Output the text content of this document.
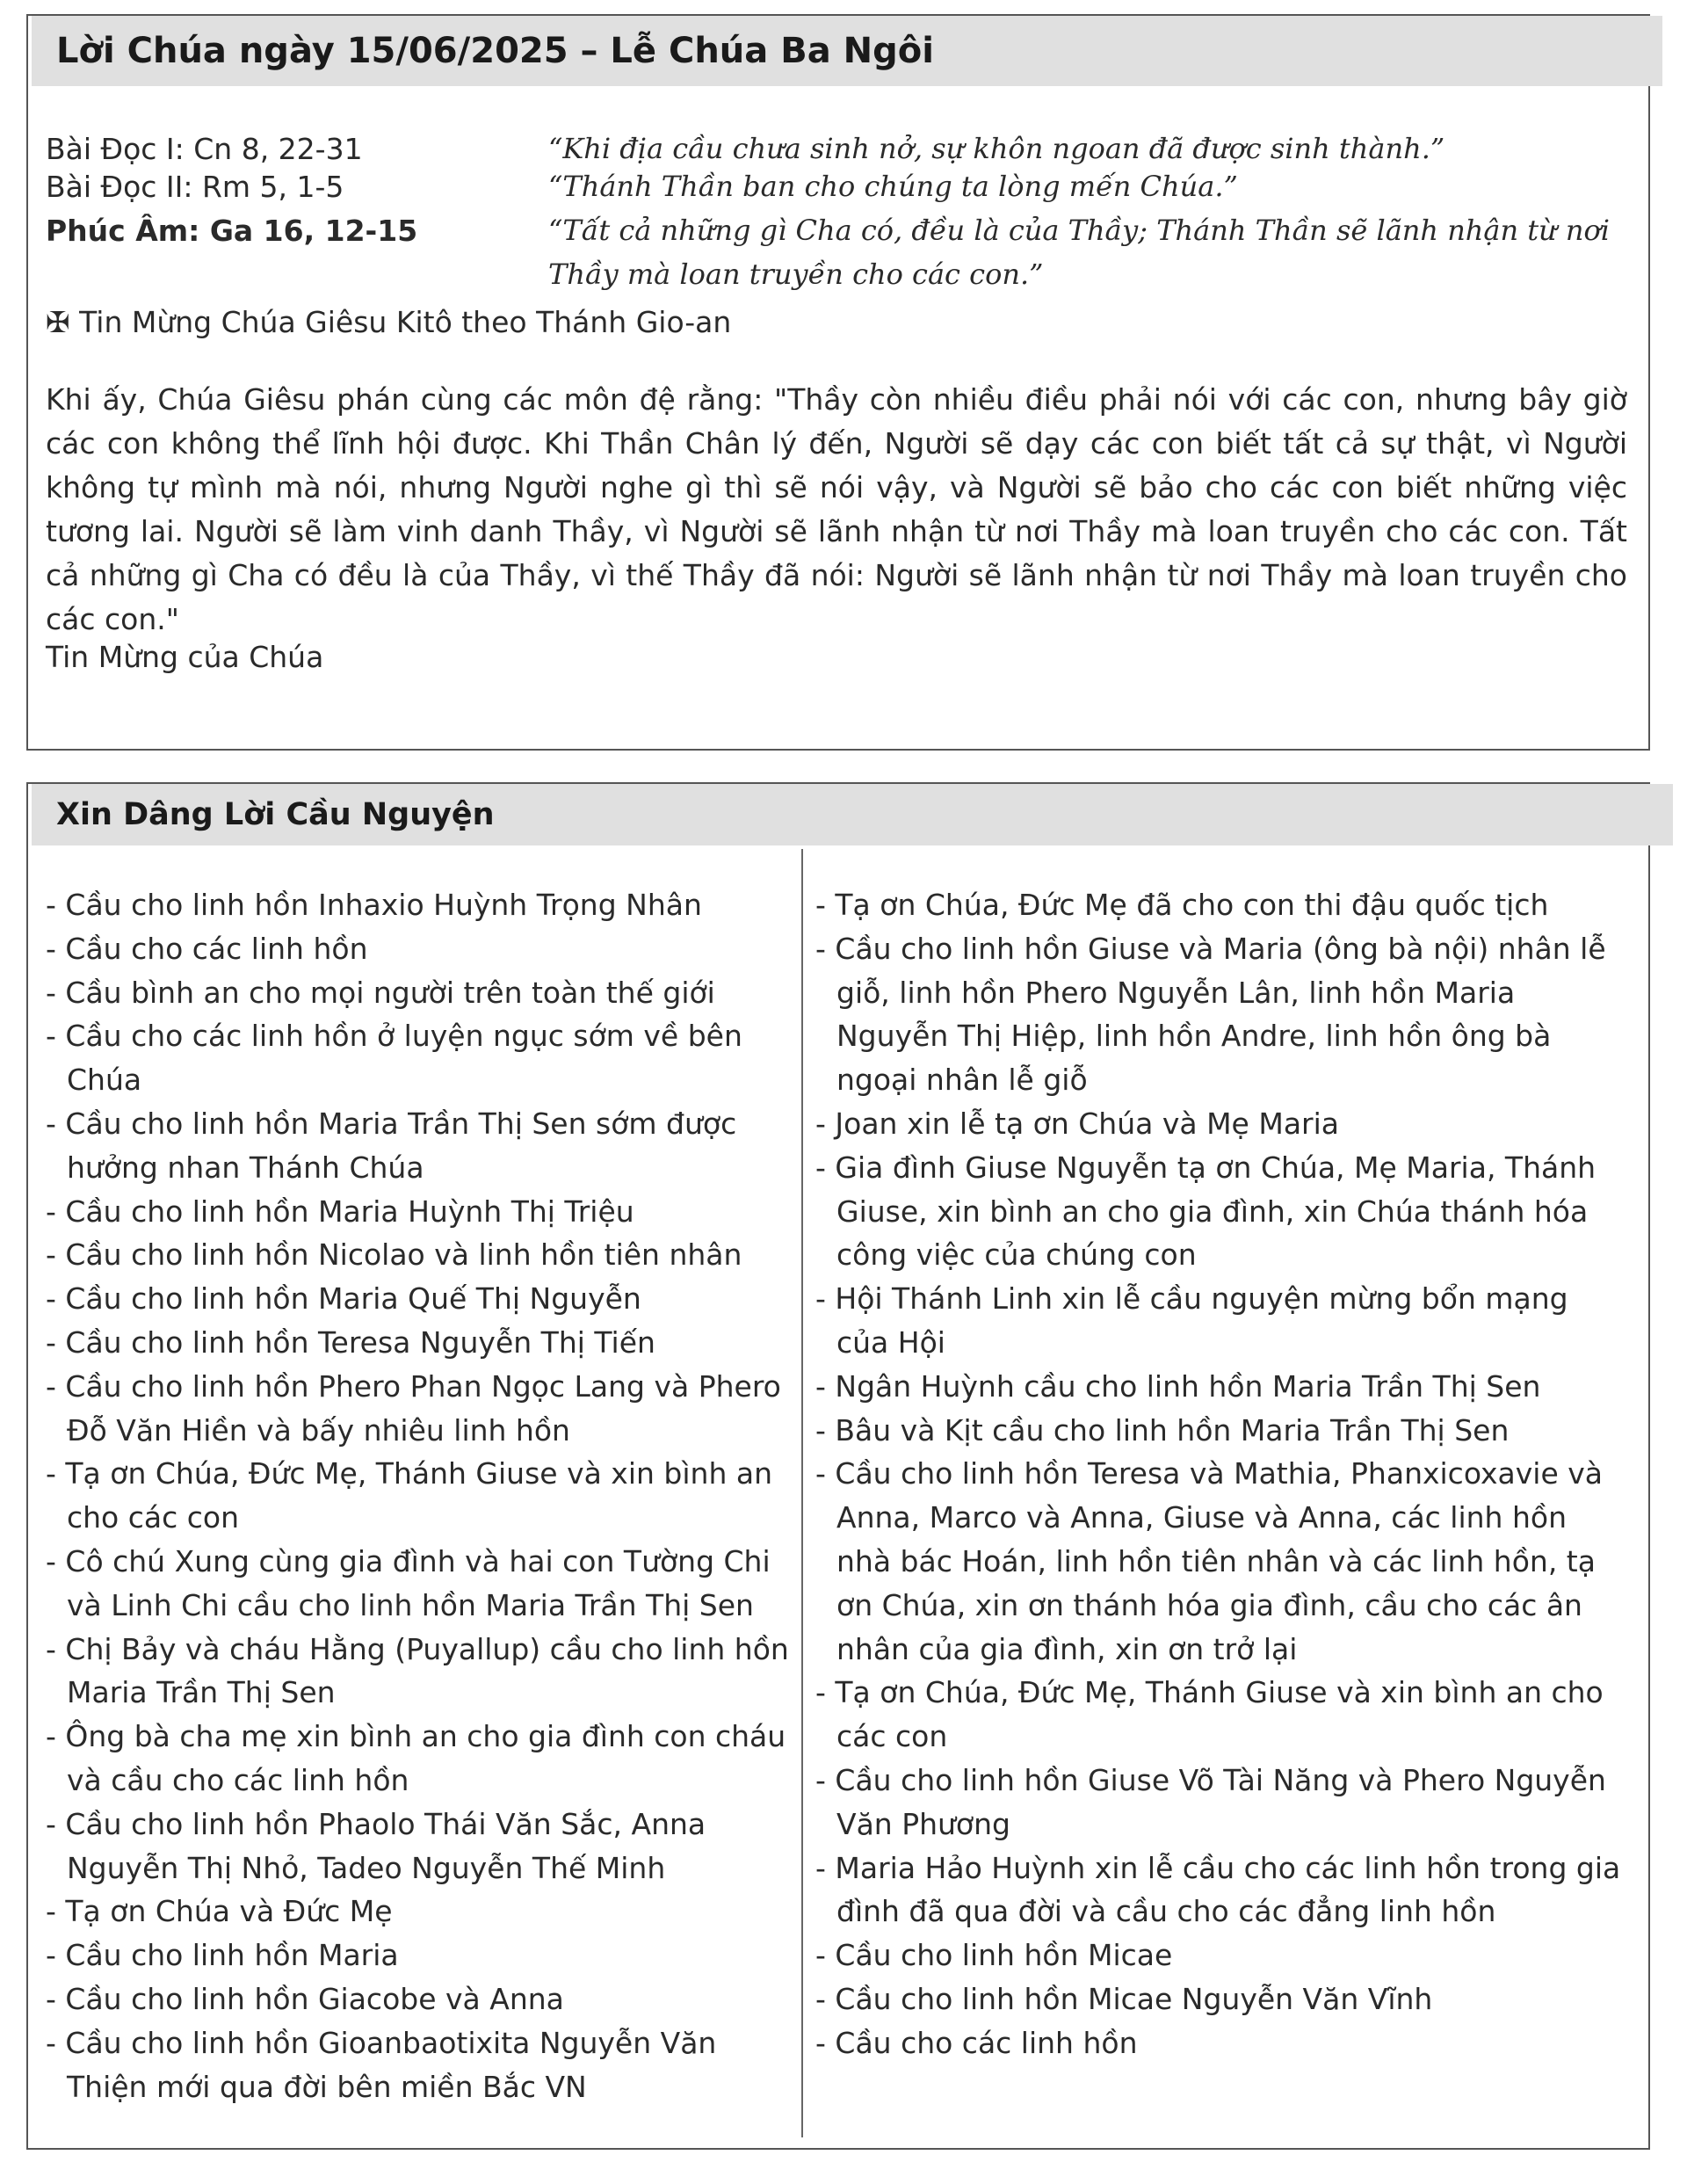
Lời Chúa ngày 15/06/2025 – Lễ Chúa Ba Ngôi
Bài Đọc I: Cn 8, 22-31	“Khi địa cầu chưa sinh nở, sự khôn ngoan đã được sinh thành.”
Bài Đọc II: Rm 5, 1-5	“Thánh Thần ban cho chúng ta lòng mến Chúa.”
Phúc Âm: Ga 16, 12-15	“Tất cả những gì Cha có, đều là của Thầy; Thánh Thần sẽ lãnh nhận từ nơi
Thầy mà loan truyền cho các con.”
✠ Tin Mừng Chúa Giêsu Kitô theo Thánh Gio-an
Khi ấy, Chúa Giêsu phán cùng các môn đệ rằng: "Thầy còn nhiều điều phải nói với các con, nhưng bây giờ các con không thể lĩnh hội được. Khi Thần Chân lý đến, Người sẽ dạy các con biết tất cả sự thật, vì Người không tự mình mà nói, nhưng Người nghe gì thì sẽ nói vậy, và Người sẽ bảo cho các con biết những việc tương lai. Người sẽ làm vinh danh Thầy, vì Người sẽ lãnh nhận từ nơi Thầy mà loan truyền cho các con. Tất cả những gì Cha có đều là của Thầy, vì thế Thầy đã nói: Người sẽ lãnh nhận từ nơi Thầy mà loan truyền cho các con."
Tin Mừng của Chúa
Xin Dâng Lời Cầu Nguyện
- Cầu cho linh hồn Inhaxio Huỳnh Trọng Nhân
- Cầu cho các linh hồn
- Cầu bình an cho mọi người trên toàn thế giới
- Cầu cho các linh hồn ở luyện ngục sớm về bên Chúa
- Cầu cho linh hồn Maria Trần Thị Sen sớm được hưởng nhan Thánh Chúa
- Cầu cho linh hồn Maria Huỳnh Thị Triệu
- Cầu cho linh hồn Nicolao và linh hồn tiên nhân
- Cầu cho linh hồn Maria Quế Thị Nguyễn
- Cầu cho linh hồn Teresa Nguyễn Thị Tiến
- Cầu cho linh hồn Phero Phan Ngọc Lang và Phero Đỗ Văn Hiền và bấy nhiêu linh hồn
- Tạ ơn Chúa, Đức Mẹ, Thánh Giuse và xin bình an cho các con
- Cô chú Xung cùng gia đình và hai con Tường Chi và Linh Chi cầu cho linh hồn Maria Trần Thị Sen
- Chị Bảy và cháu Hằng (Puyallup) cầu cho linh hồn Maria Trần Thị Sen
- Ông bà cha mẹ xin bình an cho gia đình con cháu và cầu cho các linh hồn
- Cầu cho linh hồn Phaolo Thái Văn Sắc, Anna Nguyễn Thị Nhỏ, Tadeo Nguyễn Thế Minh
- Tạ ơn Chúa và Đức Mẹ
- Cầu cho linh hồn Maria
- Cầu cho linh hồn Giacobe và Anna
- Cầu cho linh hồn Gioanbaotixita Nguyễn Văn Thiện mới qua đời bên miền Bắc VN
- Tạ ơn Chúa, Đức Mẹ đã cho con thi đậu quốc tịch
- Cầu cho linh hồn Giuse và Maria (ông bà nội) nhân lễ giỗ, linh hồn Phero Nguyễn Lân, linh hồn Maria Nguyễn Thị Hiệp, linh hồn Andre, linh hồn ông bà ngoại nhân lễ giỗ
- Joan xin lễ tạ ơn Chúa và Mẹ Maria
- Gia đình Giuse Nguyễn tạ ơn Chúa, Mẹ Maria, Thánh Giuse, xin bình an cho gia đình, xin Chúa thánh hóa công việc của chúng con
- Hội Thánh Linh xin lễ cầu nguyện mừng bổn mạng của Hội
- Ngân Huỳnh cầu cho linh hồn Maria Trần Thị Sen
- Bâu và Kịt cầu cho linh hồn Maria Trần Thị Sen
- Cầu cho linh hồn Teresa và Mathia, Phanxicoxavie và Anna, Marco và Anna, Giuse và Anna, các linh hồn nhà bác Hoán, linh hồn tiên nhân và các linh hồn, tạ ơn Chúa, xin ơn thánh hóa gia đình, cầu cho các ân nhân của gia đình, xin ơn trở lại
- Tạ ơn Chúa, Đức Mẹ, Thánh Giuse và xin bình an cho các con
- Cầu cho linh hồn Giuse Võ Tài Năng và Phero Nguyễn Văn Phương
- Maria Hảo Huỳnh xin lễ cầu cho các linh hồn trong gia đình đã qua đời và cầu cho các đẳng linh hồn
- Cầu cho linh hồn Micae
- Cầu cho linh hồn Micae Nguyễn Văn Vĩnh
- Cầu cho các linh hồn
